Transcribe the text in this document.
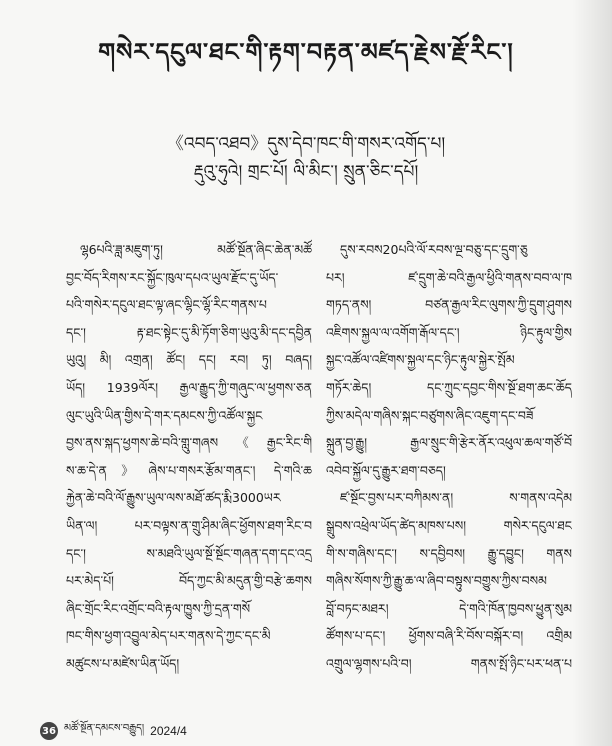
གསེར་དངུལ་ཐང་གི་རྟག་བརྟན་མཛད་རྗེས་རྗོ་རིང་།
《འབད་འཐབ》དུས་དེབ་ཁང་གི་གསར་འགོད་པ།
རྡུའུ་ཧུའེ། གྲང་པོ། ལི་མིང་། སྲུན་ཅིང་དཔོ།
ལྷ6པའི་ཟླ་མཇུག་ཏུ། མཚོ་སྔོན་ཞིང་ཆེན་མཚོ
བྱང་བོད་རིགས་རང་སྐྱོང་ཁུལ་དཔའ་ཡུལ་རྫོང་དུ་ཡོད་
པའི་གསེར་དངུལ་ཐང་ལྟ་ཞང་ལྷིང་ལྷོ་རིང་གནས་པ
དང་། རྟ་ཐང་སྟེང་དུ་མི་ཏོག་ཅིག་ཡུའུ་མི་དང་དབྱིན
ཡུའུ། མི། འགྲན། ཚོང། དང། རབ། ཏུ། བཞད།
ཡོད། 1939ལོར། རྒྱལ་རྒྱུད་ཀྱི་གཞུང་ལ་ཕྱགས་ཅན
ལུང་ཡུའི་ཡིན་གྱིས་དེ་གར་དམངས་ཀྱི་འཚོལ་སྐྱང
བྱས་ནས་སྐད་ཕྱགས་ཆེ་བའི་གླུ་གཞས《རྒྱང་རིང་གི
ས་ཆ་དེ་ན》ཞེས་པ་གསར་རྩོམ་གནང་། དེ་གའི་ཆ
རྐྱེན་ཆེ་བའི་ལོ་རྒྱུས་ཡུལ་ལས་མཐོ་ཚད་རྨི3000ཡར
ཡིན་ལ། པར་བལྟས་ན་གྲུ་ཤིམ་ཞིང་ཕྱོགས་ཐག་རིང་བ
དང་། ས་མཐའི་ཡུལ་སྔོ་སྔོང་གཞན་དག་དང་འདྲ
པར་མེད་པོ། བོད་ཀྱང་མི་མདུན་གྱི་བརྩེ་ཆགས
ཞིང་གྲོང་རིང་འགྲོང་བའི་རྟལ་ཁྱུས་ཀྱི་དྲན་གསོ
ཁང་གིས་ཕྱག་འབྱུལ་མེད་པར་གནས་དེ་ཀྱང་དང་མི
མཚུངས་པ་མཛེས་ཡིན་ཡོད།
དུས་རབས20པའི་ལོ་རབས་ལྔ་བཅུ་དང་དྲུག་ཅུ
པར། ཛ་དྲུག་ཆེ་བའི་རྒྱལ་ཕྱིའི་གནས་བབ་ལ་ཁ
གཏད་ནས། བཙན་རྒྱལ་རིང་ལུགས་ཀྱི་དྲུག་ཤུགས
འཇིགས་སྐྱལ་ལ་འགོག་རྒོལ་དང་། ཉིང་རྟུལ་གྱིས
སྐྱང་འཚོལ་འཛིགས་སྐྱལ་དང་ཉིང་རྟུལ་སྐྱེར་སྤོམ
གཏོར་ཆེད། དང་ཀྲུང་དབྱང་གིས་སྔོ་ཐག་ཆང་ཆོད
ཀྱིས་མདེལ་གཞིས་སྐང་བཙུགས་ཞིང་འཇུག་དང་བཟོ
སྐྲུན་བྱ་རྒྱུ། རྒྱལ་སྲུང་གི་རྩེར་ནོར་འཕུལ་ཆལ་གཙོ་བོ
འབེབ་སྐྱོལ་དུ་རྒྱུར་ཐག་བཅད།
ཛ་སྔོང་བྱས་པར་བཀིམས་ན། ས་གནས་འདེམ
སྒྲུབས་འཕྲེལ་ཡོད་ཚེད་མཁས་པས། གསེར་དངུལ་ཐང
གི་ས་གཞིས་དང་། ས་དབྱིབས། རྒྱུ་དབྱུང། གནས
གཞིས་སོགས་ཀྱི་རྒྱུ་ཆ་ལ་ཞིབ་བསྟུས་བགྱུས་ཀྱིས་བསམ
བློ་བཏང་མཐར། དེ་གའི་ཁོན་ཁྱབས་ཕྱུན་སུམ
ཚོགས་པ་དང་། ཕྱོགས་བཞི་རི་བོས་བསྐོར་བ། འགྲིམ
འགྲུལ་ལྷགས་པའི་བ། གནས་སྤོ་ཉིང་པར་ཕན་པ
36 མཚོ་སྔོན་དམངས་བརྒྱུད། 2024/4
